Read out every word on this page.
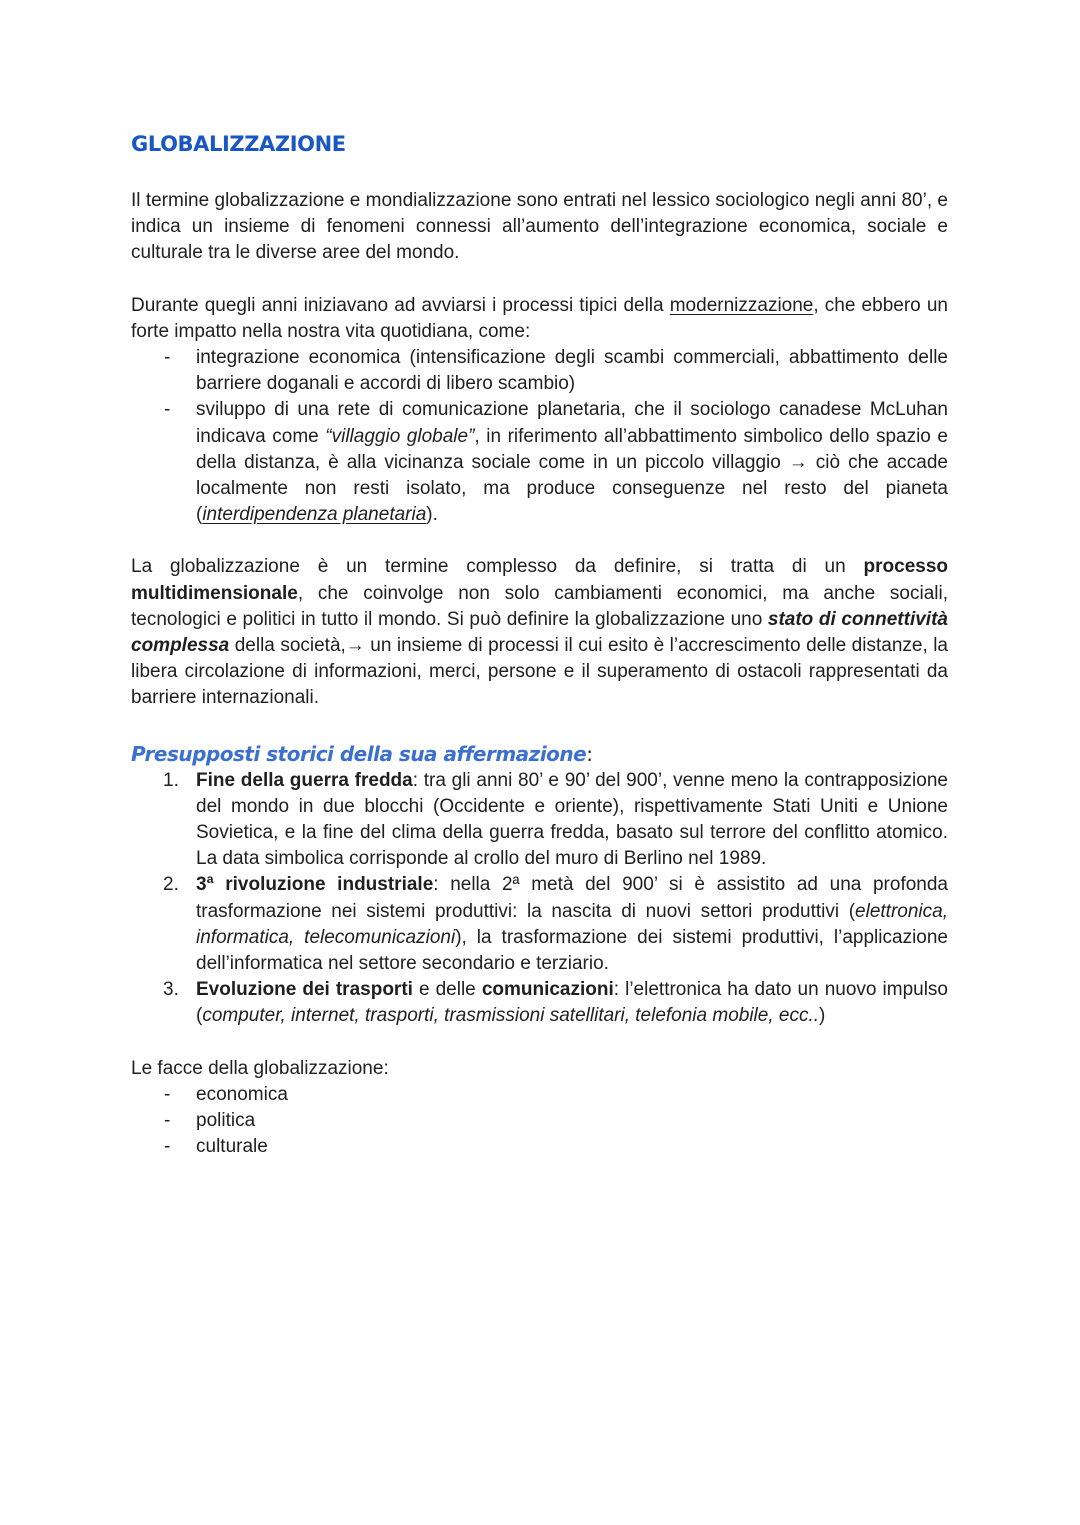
GLOBALIZZAZIONE

Il termine globalizzazione e mondializzazione sono entrati nel lessico sociologico negli anni 80’, e indica un insieme di fenomeni connessi all’aumento dell’integrazione economica, sociale e culturale tra le diverse aree del mondo.

Durante quegli anni iniziavano ad avviarsi i processi tipici della modernizzazione, che ebbero un forte impatto nella nostra vita quotidiana, come:

- integrazione economica (intensificazione degli scambi commerciali, abbattimento delle barriere doganali e accordi di libero scambio)
- sviluppo di una rete di comunicazione planetaria, che il sociologo canadese McLuhan indicava come “villaggio globale”, in riferimento all’abbattimento simbolico dello spazio e della distanza, è alla vicinanza sociale come in un piccolo villaggio → ciò che accade localmente non resti isolato, ma produce conseguenze nel resto del pianeta (interdipendenza planetaria).

La globalizzazione è un termine complesso da definire, si tratta di un processo multidimensionale, che coinvolge non solo cambiamenti economici, ma anche sociali, tecnologici e politici in tutto il mondo. Si può definire la globalizzazione uno stato di connettività complessa della società,→ un insieme di processi il cui esito è l’accrescimento delle distanze, la libera circolazione di informazioni, merci, persone e il superamento di ostacoli rappresentati da barriere internazionali.

Presupposti storici della sua affermazione:
1. Fine della guerra fredda: tra gli anni 80’ e 90’ del 900’, venne meno la contrapposizione del mondo in due blocchi (Occidente e oriente), rispettivamente Stati Uniti e Unione Sovietica, e la fine del clima della guerra fredda, basato sul terrore del conflitto atomico. La data simbolica corrisponde al crollo del muro di Berlino nel 1989.
2. 3ª rivoluzione industriale: nella 2ª metà del 900’ si è assistito ad una profonda trasformazione nei sistemi produttivi: la nascita di nuovi settori produttivi (elettronica, informatica, telecomunicazioni), la trasformazione dei sistemi produttivi, l’applicazione dell’informatica nel settore secondario e terziario.
3. Evoluzione dei trasporti e delle comunicazioni: l’elettronica ha dato un nuovo impulso (computer, internet, trasporti, trasmissioni satellitari, telefonia mobile, ecc..)

Le facce della globalizzazione:

- economica
- politica
- culturale
